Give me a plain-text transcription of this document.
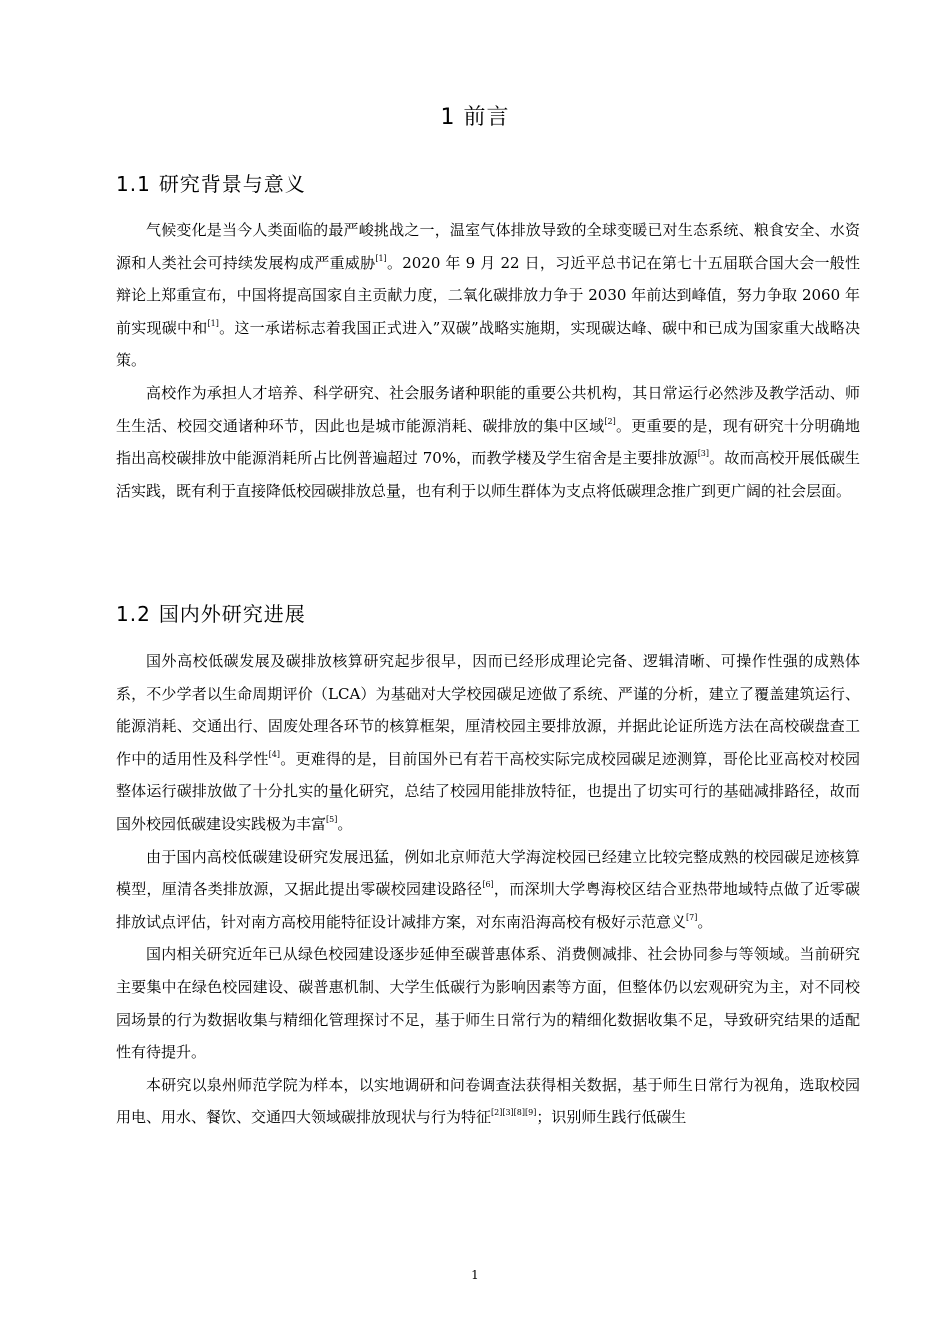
1 前言
1.1 研究背景与意义

气候变化是当今人类面临的最严峻挑战之一，温室气体排放导致的全球变暖已对生态系统、粮食安全、水资源和人类社会可持续发展构成严重威胁[1]。2020 年 9 月 22 日，习近平总书记在第七十五届联合国大会一般性辩论上郑重宣布，中国将提高国家自主贡献力度，二氧化碳排放力争于 2030 年前达到峰值，努力争取 2060 年前实现碳中和[1]。这一承诺标志着我国正式进入”双碳”战略实施期，实现碳达峰、碳中和已成为国家重大战略决策。

高校作为承担人才培养、科学研究、社会服务诸种职能的重要公共机构，其日常运行必然涉及教学活动、师生生活、校园交通诸种环节，因此也是城市能源消耗、碳排放的集中区域[2]。更重要的是，现有研究十分明确地指出高校碳排放中能源消耗所占比例普遍超过 70%，而教学楼及学生宿舍是主要排放源[3]。故而高校开展低碳生活实践，既有利于直接降低校园碳排放总量，也有利于以师生群体为支点将低碳理念推广到更广阔的社会层面。

1.2 国内外研究进展

国外高校低碳发展及碳排放核算研究起步很早，因而已经形成理论完备、逻辑清晰、可操作性强的成熟体系，不少学者以生命周期评价（LCA）为基础对大学校园碳足迹做了系统、严谨的分析，建立了覆盖建筑运行、能源消耗、交通出行、固废处理各环节的核算框架，厘清校园主要排放源，并据此论证所选方法在高校碳盘查工作中的适用性及科学性[4]。更难得的是，目前国外已有若干高校实际完成校园碳足迹测算，哥伦比亚高校对校园整体运行碳排放做了十分扎实的量化研究，总结了校园用能排放特征，也提出了切实可行的基础减排路径，故而国外校园低碳建设实践极为丰富[5]。

由于国内高校低碳建设研究发展迅猛，例如北京师范大学海淀校园已经建立比较完整成熟的校园碳足迹核算模型，厘清各类排放源，又据此提出零碳校园建设路径[6]，而深圳大学粤海校区结合亚热带地域特点做了近零碳排放试点评估，针对南方高校用能特征设计减排方案，对东南沿海高校有极好示范意义[7]。

国内相关研究近年已从绿色校园建设逐步延伸至碳普惠体系、消费侧减排、社会协同参与等领域。当前研究主要集中在绿色校园建设、碳普惠机制、大学生低碳行为影响因素等方面，但整体仍以宏观研究为主，对不同校园场景的行为数据收集与精细化管理探讨不足，基于师生日常行为的精细化数据收集不足，导致研究结果的适配性有待提升。

本研究以泉州师范学院为样本，以实地调研和问卷调查法获得相关数据，基于师生日常行为视角，选取校园用电、用水、餐饮、交通四大领域碳排放现状与行为特征[2][3][8][9]；识别师生践行低碳生

1
